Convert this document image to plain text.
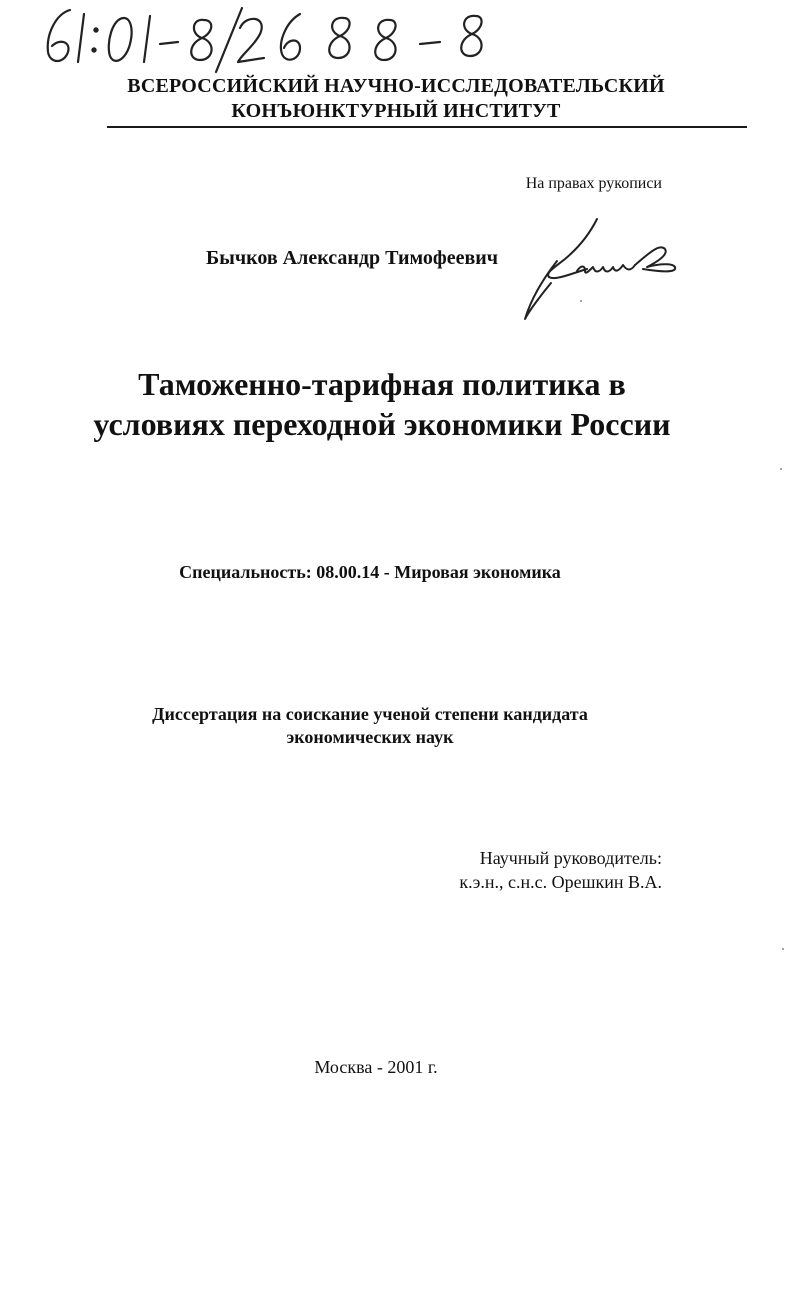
ВСЕРОССИЙСКИЙ НАУЧНО-ИССЛЕДОВАТЕЛЬСКИЙ
КОНЪЮНКТУРНЫЙ ИНСТИТУТ
На правах рукописи
Бычков Александр Тимофеевич
Таможенно-тарифная политика в
условиях переходной экономики России
Специальность: 08.00.14 - Мировая экономика
Диссертация на соискание ученой степени кандидата
экономических наук
Научный руководитель:
к.э.н., с.н.с. Орешкин В.А.
Москва - 2001 г.
